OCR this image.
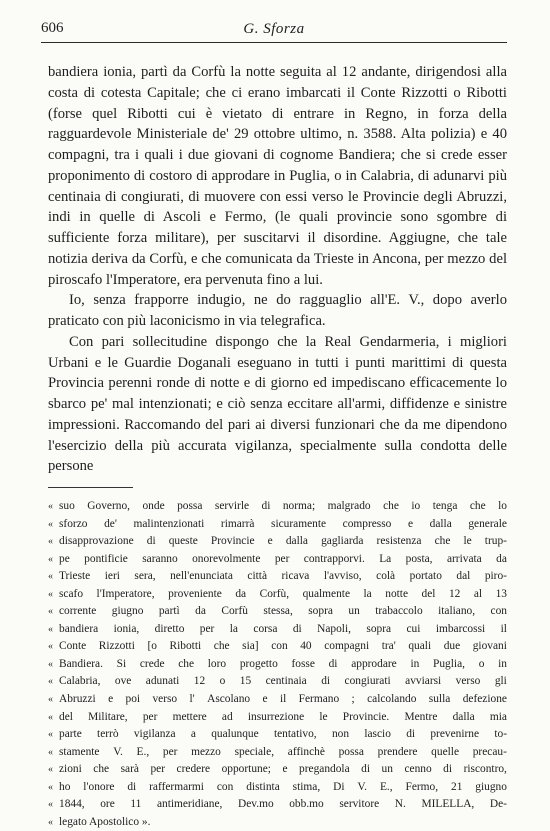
606	G. Sforza

bandiera ionia, partì da Corfù la notte seguita al 12 andante, dirigendosi alla costa di cotesta Capitale; che ci erano imbarcati il Conte Rizzotti o Ribotti (forse quel Ribotti cui è vietato di entrare in Regno, in forza della ragguardevole Ministeriale de' 29 ottobre ultimo, n. 3588. Alta polizia) e 40 compagni, tra i quali i due giovani di cognome Bandiera; che si crede esser proponimento di costoro di approdare in Puglia, o in Calabria, di adunarvi più centinaia di congiurati, di muovere con essi verso le Provincie degli Abruzzi, indi in quelle di Ascoli e Fermo, (le quali provincie sono sgombre di sufficiente forza militare), per suscitarvi il disordine. Aggiugne, che tale notizia deriva da Corfù, e che comunicata da Trieste in Ancona, per mezzo del piroscafo l'Imperatore, era pervenuta fino a lui.

Io, senza frapporre indugio, ne do ragguaglio all'E. V., dopo averlo praticato con più laconicismo in via telegrafica.

Con pari sollecitudine dispongo che la Real Gendarmeria, i migliori Urbani e le Guardie Doganali eseguano in tutti i punti marittimi di questa Provincia perenni ronde di notte e di giorno ed impediscano efficacemente lo sbarco pe' mal intenzionati; e ciò senza eccitare all'armi, diffidenze e sinistre impressioni. Raccomando del pari ai diversi funzionari che da me dipendono l'esercizio della più accurata vigilanza, specialmente sulla condotta delle persone

« suo Governo, onde possa servirle di norma; malgrado che io tenga che lo
« sforzo de' malintenzionati rimarrà sicuramente compresso e dalla generale
« disapprovazione di queste Provincie e dalla gagliarda resistenza che le trup-
« pe pontificie saranno onorevolmente per contrapporvi. La posta, arrivata da
« Trieste ieri sera, nell'enunciata città ricava l'avviso, colà portato dal piro-
« scafo l'Imperatore, proveniente da Corfù, qualmente la notte del 12 al 13
« corrente giugno partì da Corfù stessa, sopra un trabaccolo italiano, con
« bandiera ionia, diretto per la corsa di Napoli, sopra cui imbarcossi il
« Conte Rizzotti [o Ribotti che sia] con 40 compagni tra' quali due giovani
« Bandiera. Si crede che loro progetto fosse di approdare in Puglia, o in
« Calabria, ove adunati 12 o 15 centinaia di congiurati avviarsi verso gli
« Abruzzi e poi verso l' Ascolano e il Fermano ; calcolando sulla defezione
« del Militare, per mettere ad insurrezione le Provincie. Mentre dalla mia
« parte terrò vigilanza a qualunque tentativo, non lascio di prevenirne to-
« stamente V. E., per mezzo speciale, affinchè possa prendere quelle precau-
« zioni che sarà per credere opportune; e pregandola di un cenno di riscontro,
« ho l'onore di raffermarmi con distinta stima, Di V. E., Fermo, 21 giugno
« 1844, ore 11 antimeridiane, Dev.mo obb.mo servitore N. MILELLA, De-
« legato Apostolico ».
